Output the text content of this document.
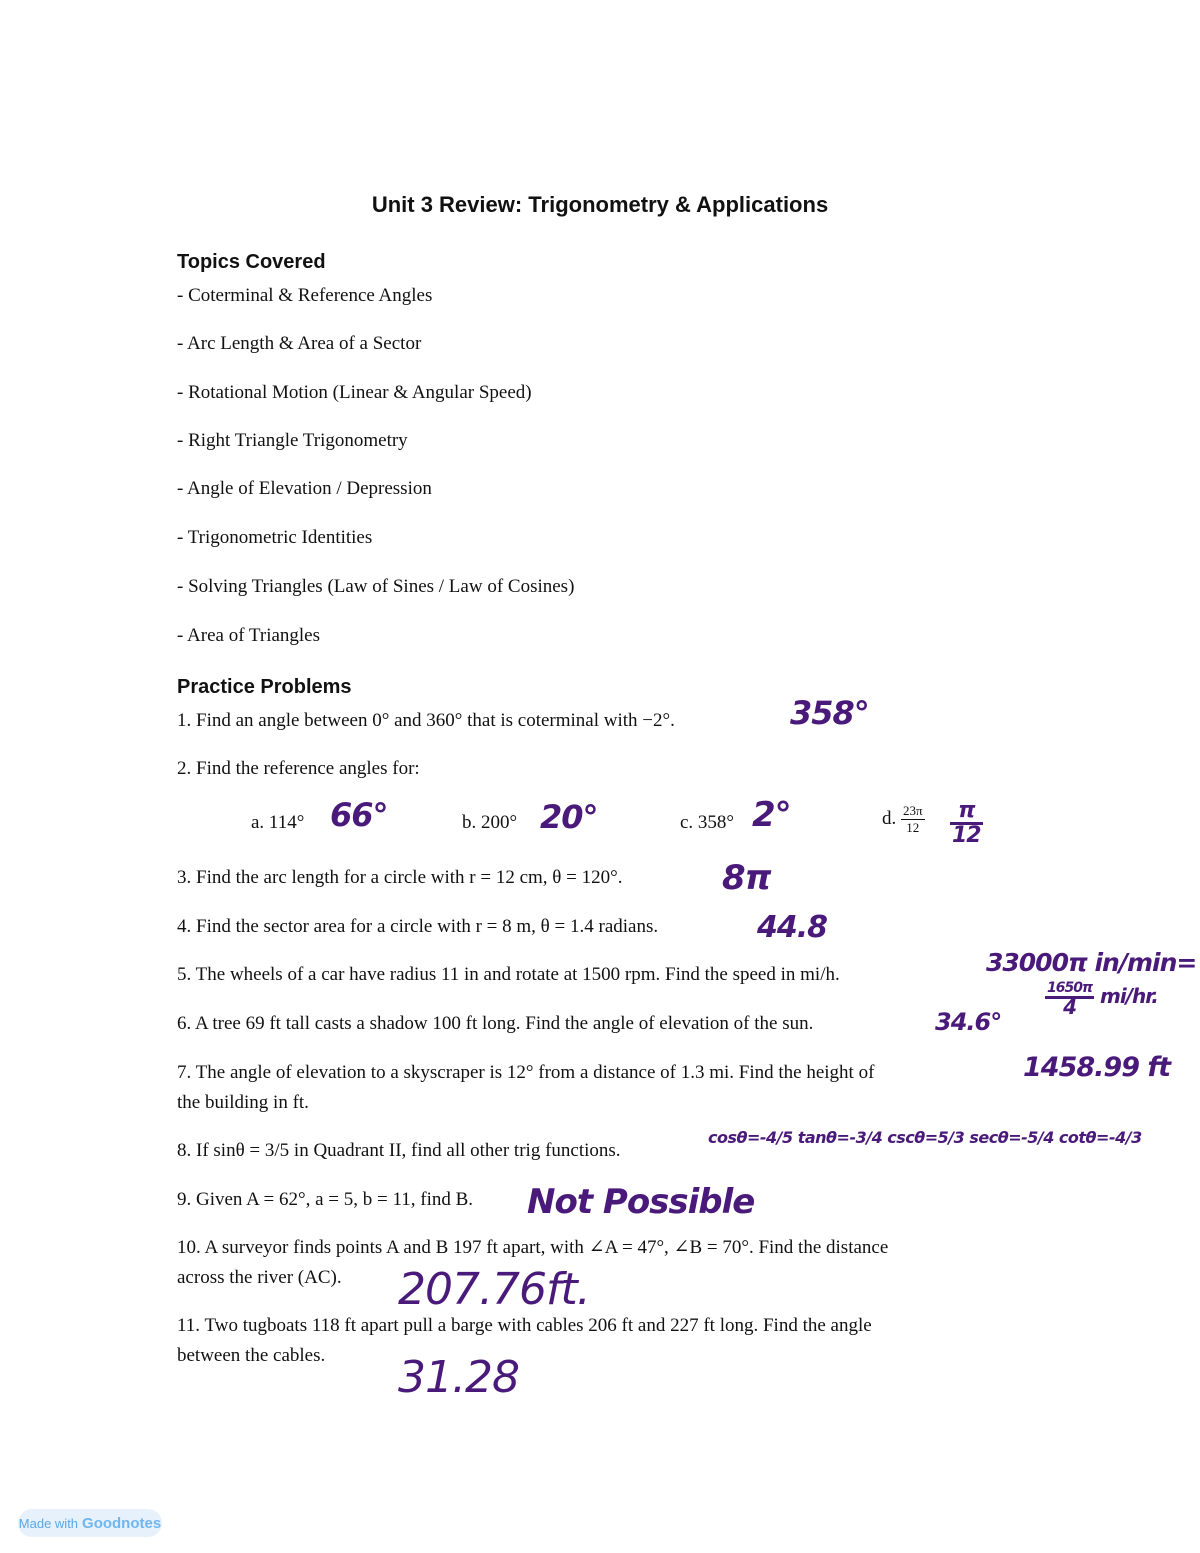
Unit 3 Review: Trigonometry & Applications
Topics Covered
- Coterminal & Reference Angles
- Arc Length & Area of a Sector
- Rotational Motion (Linear & Angular Speed)
- Right Triangle Trigonometry
- Angle of Elevation / Depression
- Trigonometric Identities
- Solving Triangles (Law of Sines / Law of Cosines)
- Area of Triangles
Practice Problems
1. Find an angle between 0° and 360° that is coterminal with −2°.	358°
2. Find the reference angles for:
a. 114° 66°	b. 200° 20°	c. 358° 2°	d. $\frac{23\pi}{12} \frac{\pi}{12}$
3. Find the arc length for a circle with r = 12 cm, θ = 120°.	8π
4. Find the sector area for a circle with r = 8 m, θ = 1.4 radians.	44.8
5. The wheels of a car have radius 11 in and rotate at 1500 rpm. Find the speed in mi/h.	33000π in/min=
$\frac{1650\pi}{4} mi/hr$.
6. A tree 69 ft tall casts a shadow 100 ft long. Find the angle of elevation of the sun.	34.6°
7. The angle of elevation to a skyscraper is 12° from a distance of 1.3 mi. Find the height of
the building in ft.
1458.99 ft
8. If sinθ = 3/5 in Quadrant II, find all other trig functions.
cosθ=-4/5 tanθ=-3/4 cscθ=5/3 secθ=-5/4 cotθ=-4/3
9. Given A = 62°, a = 5, b = 11, find B. Not Possible
10. A surveyor finds points A and B 197 ft apart, with ∠A = 47°, ∠B = 70°. Find the distance
across the river (AC). 207.76ft.
11. Two tugboats 118 ft apart pull a barge with cables 206 ft and 227 ft long. Find the angle
between the cables. 31.28
Made with Goodnotes
